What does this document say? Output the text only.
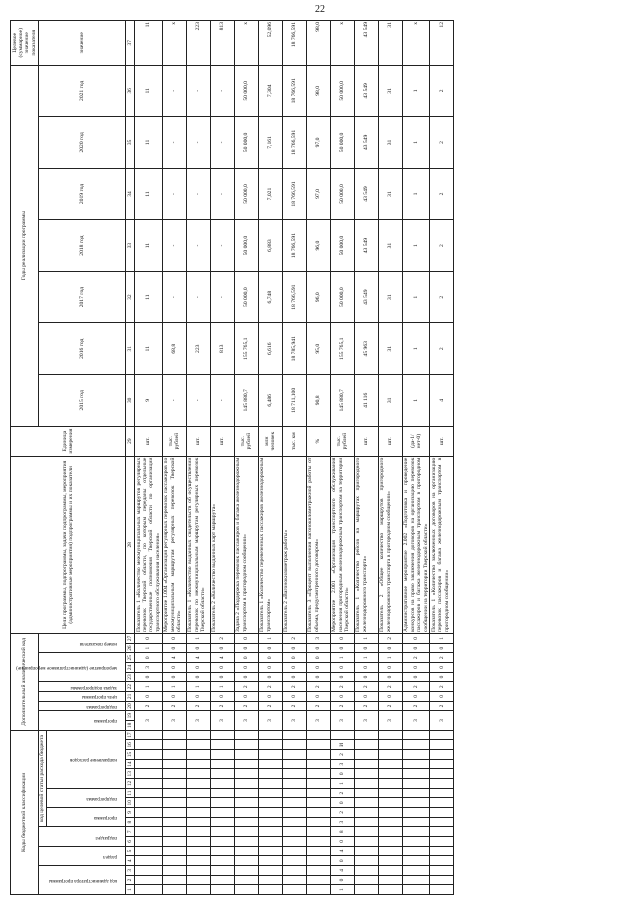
22
Коды бюджетной классификации																	Дополнительный аналитический код										Цели программы, подпрограммы, задачи подпрограммы, мероприятия (административные мероприятия) подпрограммы и их показатели	Единица измерения	Годы реализации программы							Целевое (суммарное) значение показателя

код администратора программы			раздел		подраздел		код целевой статьи расхода бюджета										программа		подпрограмма	цель программы	задача подпрограммы	мероприятие (административное мероприятие)			номер показателя				2015 год	2016 год	2017 год	2018 год	2019 год	2020 год	2021 год	значение

							программа		подпрограмма		направление расходов																									

1	2	3	4	5	6	7	8	9	10	11	12	13	14	15	16	17	18	19	20	21	22	23	24	25	26	27	28	29	30	31	32	33	34	35	36	37
																	3		2	0	1	0	3	0	1	0	Показатель 1 «Количество межмуниципальных маршрутов регулярных перевозок Тверской области, по которым переданы отдельные государственные полномочия Тверской области по организации транспортного обслуживания населения»	шт.	9	11	11	11	11	11	11	11
																	3		2	0	1	0	0	4	0	0	Мероприятие 1.004 «Организация регулярных перевозок пассажиров по межмуниципальным маршрутам регулярных перевозок Тверской области»	тыс. рублей	-	68,8	-	-	-	-	-	x
																	3		2	0	1	0	0	4	0	1	Показатель 1 «Количество выданных свидетельств об осуществлении перевозок по межмуниципальным маршрутам регулярных перевозок Тверской области»	шт.	-	223	-	-	-	-	-	223
																	3		2	0	1	0	0	4	0	2	Показатель 2 «Количество выданных карт маршрута»	шт.	-	813	-	-	-	-	-	813
																	3		2	0	2	0	0	0	0	0	Задача 2 «Поддержка перевозок пассажиров и багажа железнодорожным транспортом в пригородном сообщении»	тыс. рублей	145 880,7	155 765,1	50 000,0	50 000,0	50 000,0	50 000,0	50 000,0	x
																	3		2	0	2	0	0	0	0	1	Показатель 1 «Количество перевезенных пассажиров железнодорожным транспортом»	млн человек	6,486	6,616	6,748	6,883	7,021	7,161	7,304	52,096
																	3		2	0	2	0	0	0	0	2	Показатель 2 «Вагонокилометраж работы»	тыс. км	18 711,100	18 785,941	18 766,591	18 766,591	18 766,591	18 766,591	18 766,591	18 766,591
																	3		2	0	2	0	0	0	0	3	Показатель 3 «Процент выполнения вагонокилометражной работы от объема, предусмотренного договором»	%	90,8	95,0	96,0	96,0	97,0	97,0	98,0	98,0
1	0	4	0	4	0	8	3	2	0	2	1	0	3	2	И		3		2	0	2	0	0	1	0	0	Мероприятие 2.001 «Организация транспортного обслуживания населения пригородным железнодорожным транспортом на территории Тверской области»	тыс. рублей	145 880,7	155 765,1	50 000,0	50 000,0	50 000,0	50 000,0	50 000,0	x
																	3		2	0	2	0	0	1	0	1	Показатель 1 «Количество рейсов на маршрутах пригородного железнодорожного транспорта»	шт.	41 116	45 963	43 549	43 549	43 549	43 549	43 549	43 549
																	3		2	0	2	0	0	1	0	2	Показатель 2 «Общее количество маршрутов пригородного железнодорожного транспорта в пригородном сообщении»	шт.	31	31	31	31	31	31	31	31
																	3		2	0	2	0	0	2	0	0	Административное мероприятие 2.002 «Подготовка и проведение конкурсов на право заключения договоров на организацию перевозок пассажиров и багажа железнодорожным транспортом в пригородном сообщении на территории Тверской области»	(да-1/ нет-0)	1	1	1	1	1	1	1	x
																	3		2	0	2	0	0	2	0	1	Показатель 1 «Количество заключенных договоров на организацию перевозок пассажиров и багажа железнодорожным транспортом в пригородном сообщении»	шт.	4	2	2	2	2	2	2	12
